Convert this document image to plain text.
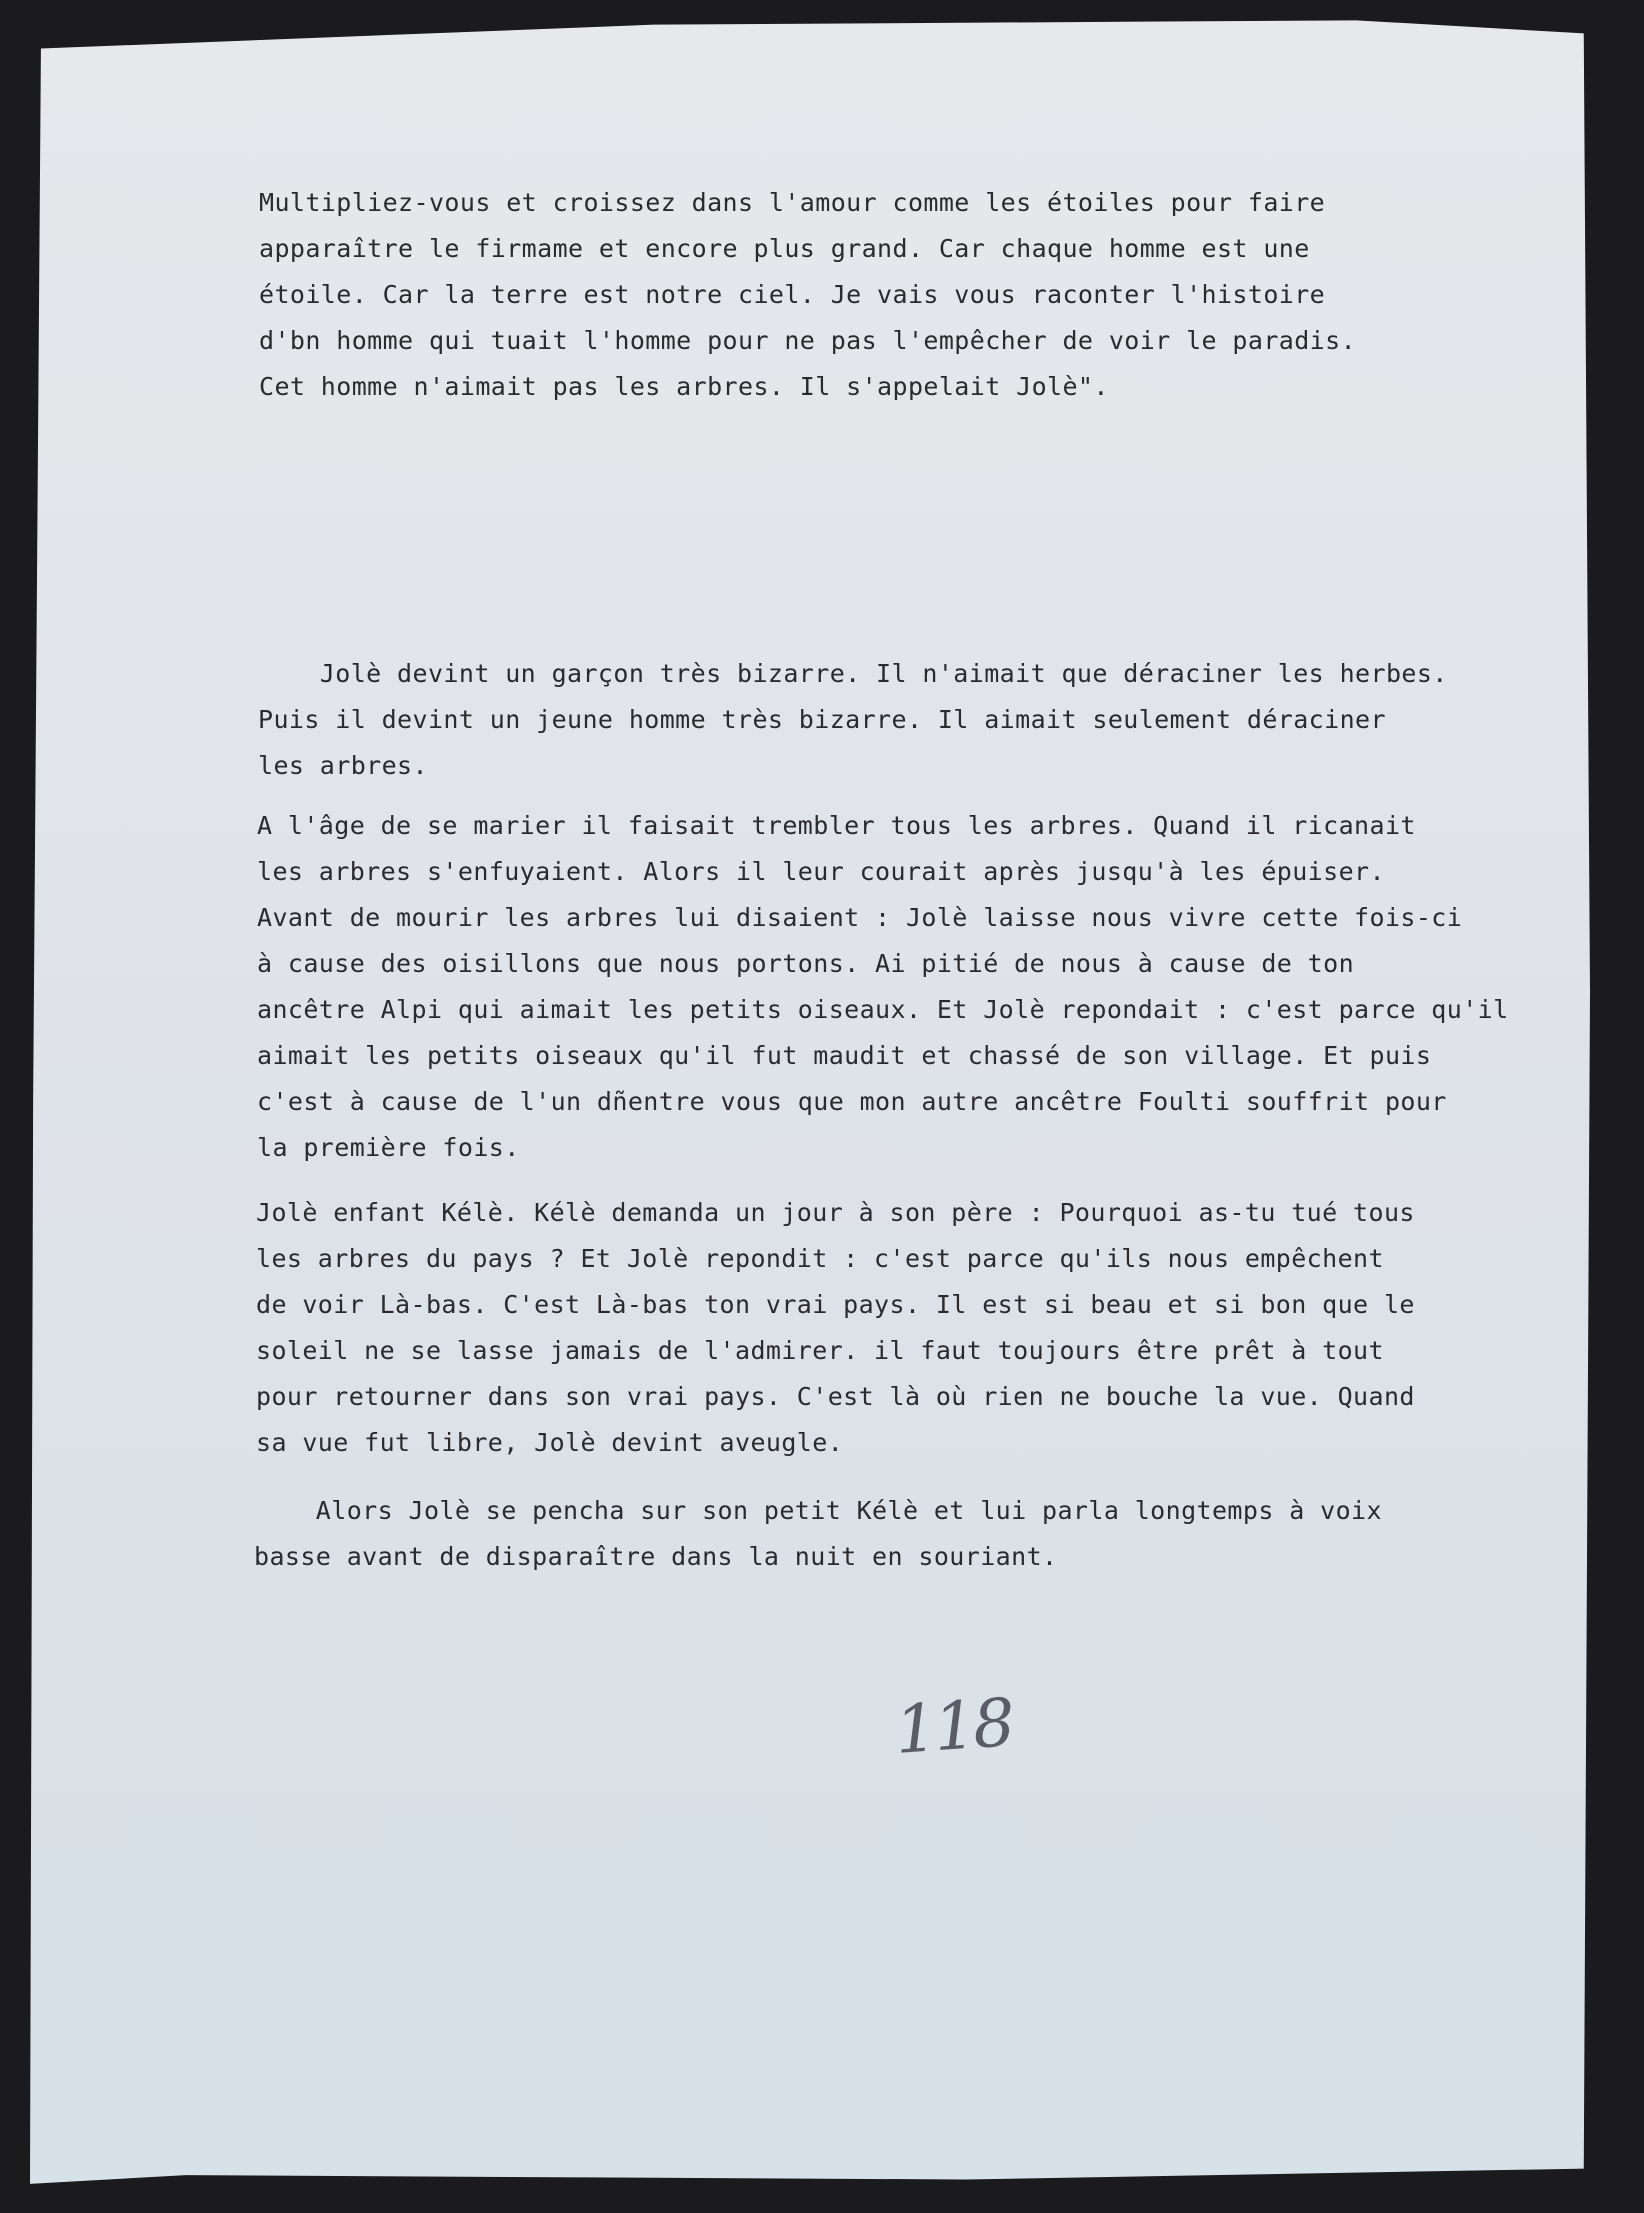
Multipliez-vous et croissez dans l'amour comme les étoiles pour faire

apparaître le firmame et encore plus grand. Car chaque homme est une

étoile. Car la terre est notre ciel. Je vais vous raconter l'histoire

d'bn homme qui tuait l'homme pour ne pas l'empêcher de voir le paradis.

Cet homme n'aimait pas les arbres. Il s'appelait Jolè".

Jolè devint un garçon très bizarre. Il n'aimait que déraciner les herbes.

Puis il devint un jeune homme très bizarre. Il aimait seulement déraciner

les arbres.

A l'âge de se marier il faisait trembler tous les arbres. Quand il ricanait

les arbres s'enfuyaient. Alors il leur courait après jusqu'à les épuiser.

Avant de mourir les arbres lui disaient : Jolè laisse nous vivre cette fois-ci

à cause des oisillons que nous portons. Ai pitié de nous à cause de ton

ancêtre Alpi qui aimait les petits oiseaux. Et Jolè repondait : c'est parce qu'il

aimait les petits oiseaux qu'il fut maudit et chassé de son village. Et puis

c'est à cause de l'un dñentre vous que mon autre ancêtre Foulti souffrit pour

la première fois.

Jolè enfant Kélè. Kélè demanda un jour à son père : Pourquoi as-tu tué tous

les arbres du pays ? Et Jolè repondit : c'est parce qu'ils nous empêchent

de voir Là-bas. C'est Là-bas ton vrai pays. Il est si beau et si bon que le

soleil ne se lasse jamais de l'admirer. il faut toujours être prêt à tout

pour retourner dans son vrai pays. C'est là où rien ne bouche la vue. Quand

sa vue fut libre, Jolè devint aveugle.

Alors Jolè se pencha sur son petit Kélè et lui parla longtemps à voix

basse avant de disparaître dans la nuit en souriant.

118
